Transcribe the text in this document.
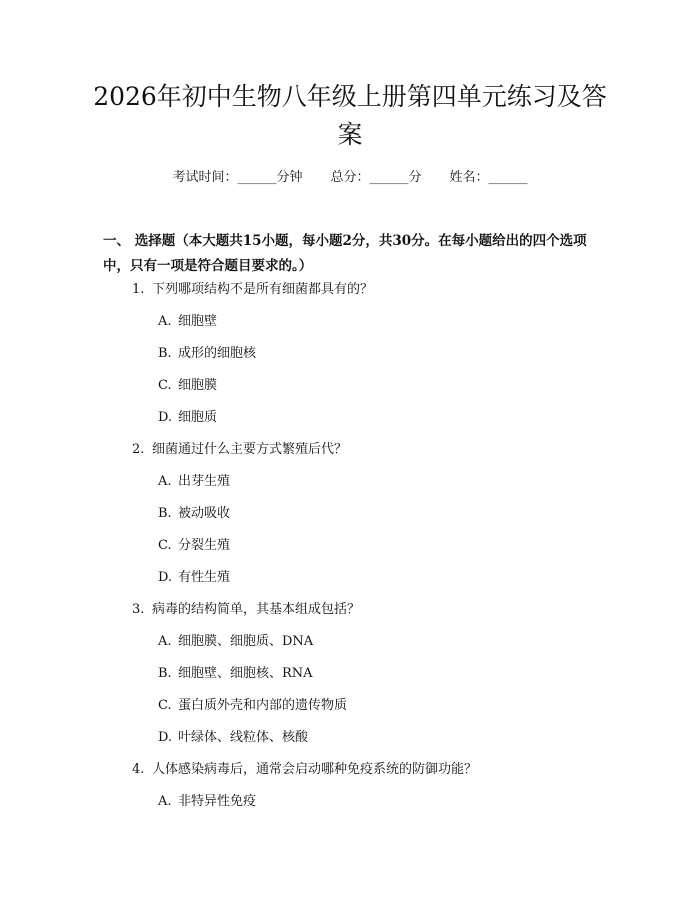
2026年初中生物八年级上册第四单元练习及答案
考试时间：______分钟 总分：______分 姓名：______

一、 选择题（本大题共15小题，每小题2分，共30分。在每小题给出的四个选项中，只有一项是符合题目要求的。）

1. 下列哪项结构不是所有细菌都具有的？
A. 细胞壁
B. 成形的细胞核
C. 细胞膜
D. 细胞质
2. 细菌通过什么主要方式繁殖后代？
A. 出芽生殖
B. 被动吸收
C. 分裂生殖
D. 有性生殖
3. 病毒的结构简单，其基本组成包括？
A. 细胞膜、细胞质、DNA
B. 细胞壁、细胞核、RNA
C. 蛋白质外壳和内部的遗传物质
D. 叶绿体、线粒体、核酸
4. 人体感染病毒后，通常会启动哪种免疫系统的防御功能？
A. 非特异性免疫
